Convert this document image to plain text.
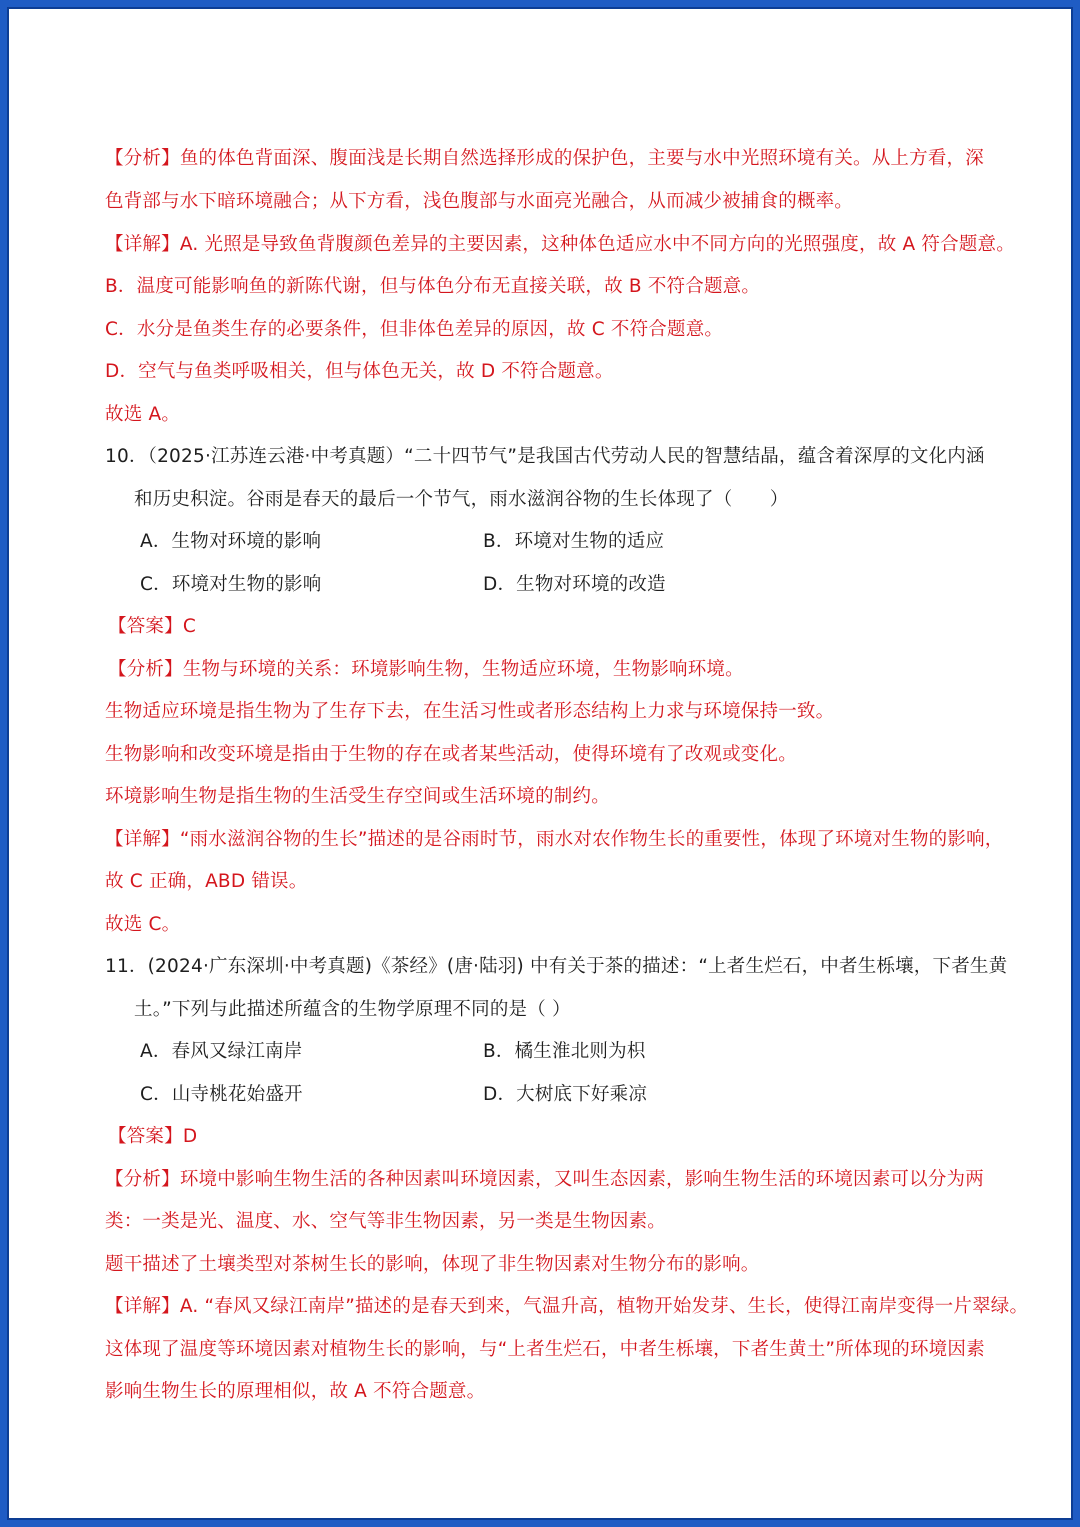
【分析】鱼的体色背面深、腹面浅是长期自然选择形成的保护色，主要与水中光照环境有关。从上方看，深
色背部与水下暗环境融合；从下方看，浅色腹部与水面亮光融合，从而减少被捕食的概率。
【详解】A. 光照是导致鱼背腹颜色差异的主要因素，这种体色适应水中不同方向的光照强度，故 A 符合题意。
B．温度可能影响鱼的新陈代谢，但与体色分布无直接关联，故 B 不符合题意。
C．水分是鱼类生存的必要条件，但非体色差异的原因，故 C 不符合题意。
D．空气与鱼类呼吸相关，但与体色无关，故 D 不符合题意。
故选 A。
10．（2025·江苏连云港·中考真题）“二十四节气”是我国古代劳动人民的智慧结晶，蕴含着深厚的文化内涵
和历史积淀。谷雨是春天的最后一个节气，雨水滋润谷物的生长体现了（　　）
A．生物对环境的影响	B．环境对生物的适应
C．环境对生物的影响	D．生物对环境的改造
【答案】C
【分析】生物与环境的关系：环境影响生物，生物适应环境，生物影响环境。
生物适应环境是指生物为了生存下去，在生活习性或者形态结构上力求与环境保持一致。
生物影响和改变环境是指由于生物的存在或者某些活动，使得环境有了改观或变化。
环境影响生物是指生物的生活受生存空间或生活环境的制约。
【详解】“雨水滋润谷物的生长”描述的是谷雨时节，雨水对农作物生长的重要性，体现了环境对生物的影响，
故 C 正确，ABD 错误。
故选 C。
11．(2024·广东深圳·中考真题)《茶经》(唐·陆羽) 中有关于茶的描述：“上者生烂石，中者生栎壤，下者生黄
土。”下列与此描述所蕴含的生物学原理不同的是（ ）
A．春风又绿江南岸	B．橘生淮北则为枳
C．山寺桃花始盛开	D．大树底下好乘凉
【答案】D
【分析】环境中影响生物生活的各种因素叫环境因素，又叫生态因素，影响生物生活的环境因素可以分为两
类：一类是光、温度、水、空气等非生物因素，另一类是生物因素。
题干描述了土壤类型对茶树生长的影响，体现了非生物因素对生物分布的影响。
【详解】A. “春风又绿江南岸”描述的是春天到来，气温升高，植物开始发芽、生长，使得江南岸变得一片翠绿。
这体现了温度等环境因素对植物生长的影响，与“上者生烂石，中者生栎壤，下者生黄土”所体现的环境因素
影响生物生长的原理相似，故 A 不符合题意。
